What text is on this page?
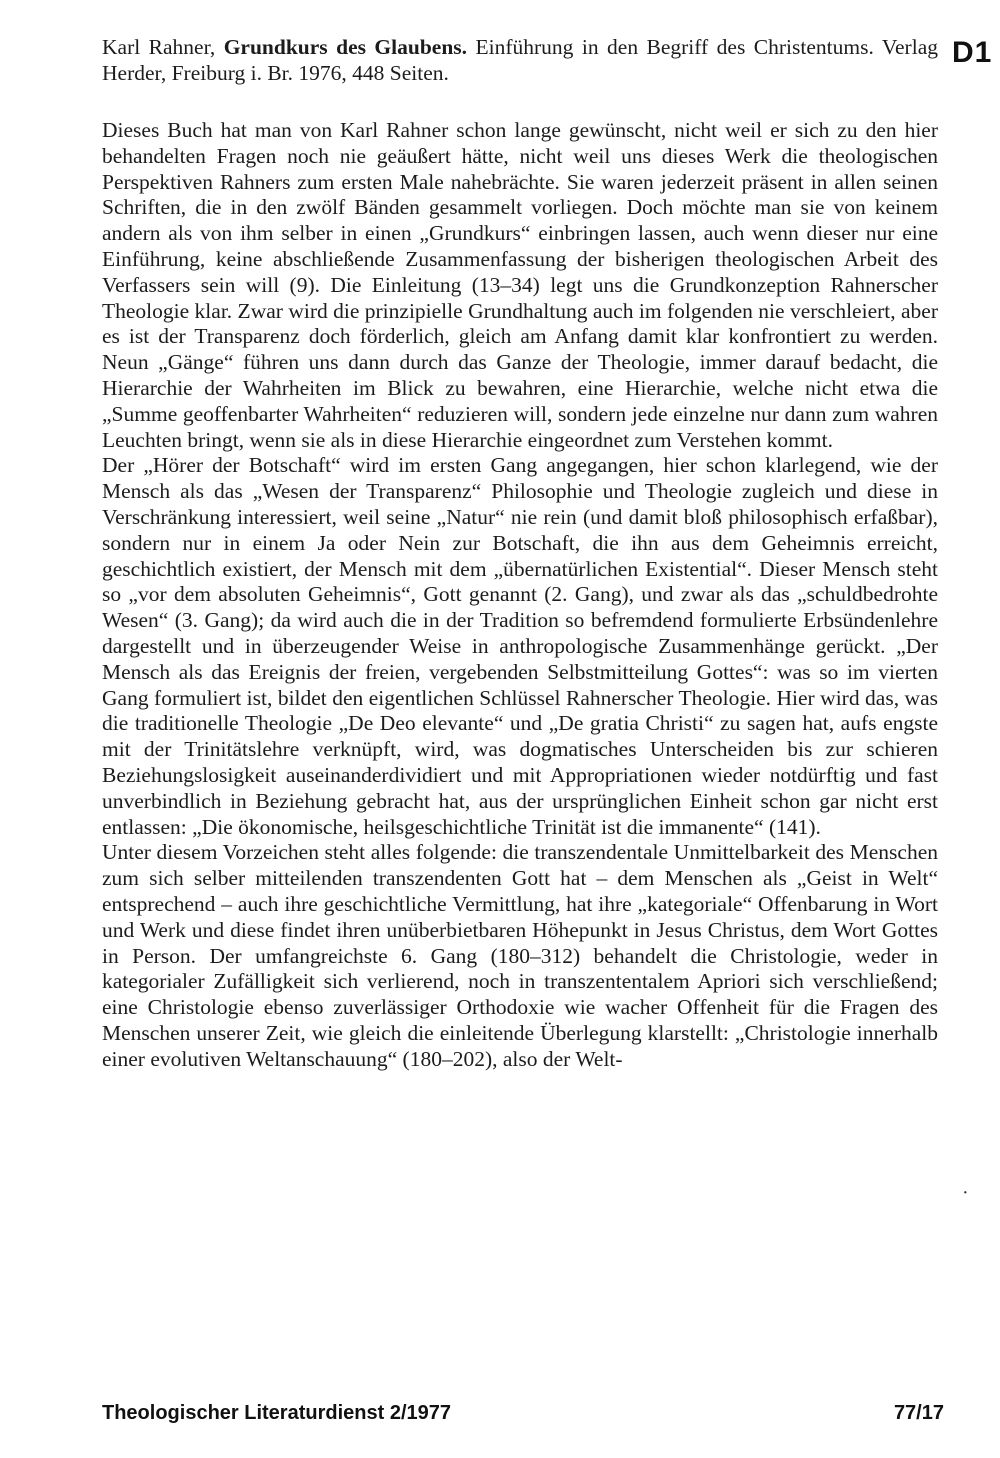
D1
Karl Rahner, Grundkurs des Glaubens. Einführung in den Begriff des Christentums. Verlag Herder, Freiburg i. Br. 1976, 448 Seiten.

Dieses Buch hat man von Karl Rahner schon lange gewünscht, nicht weil er sich zu den hier behandelten Fragen noch nie geäußert hätte, nicht weil uns dieses Werk die theologischen Perspektiven Rahners zum ersten Male nahebrächte. Sie waren jederzeit präsent in allen seinen Schriften, die in den zwölf Bänden gesammelt vorliegen. Doch möchte man sie von keinem andern als von ihm selber in einen „Grundkurs“ einbringen lassen, auch wenn dieser nur eine Einführung, keine abschließende Zusammenfassung der bisherigen theologischen Arbeit des Verfassers sein will (9). Die Einleitung (13–34) legt uns die Grundkonzeption Rahnerscher Theologie klar. Zwar wird die prinzipielle Grundhaltung auch im folgenden nie verschleiert, aber es ist der Transparenz doch förderlich, gleich am Anfang damit klar konfrontiert zu werden. Neun „Gänge“ führen uns dann durch das Ganze der Theologie, immer darauf bedacht, die Hierarchie der Wahrheiten im Blick zu bewahren, eine Hierarchie, welche nicht etwa die „Summe geoffenbarter Wahrheiten“ reduzieren will, sondern jede einzelne nur dann zum wahren Leuchten bringt, wenn sie als in diese Hierarchie eingeordnet zum Verstehen kommt.

Der „Hörer der Botschaft“ wird im ersten Gang angegangen, hier schon klarlegend, wie der Mensch als das „Wesen der Transparenz“ Philosophie und Theologie zugleich und diese in Verschränkung interessiert, weil seine „Natur“ nie rein (und damit bloß philosophisch erfaßbar), sondern nur in einem Ja oder Nein zur Botschaft, die ihn aus dem Geheimnis erreicht, geschichtlich existiert, der Mensch mit dem „übernatürlichen Existential“. Dieser Mensch steht so „vor dem absoluten Geheimnis“, Gott genannt (2. Gang), und zwar als das „schuldbedrohte Wesen“ (3. Gang); da wird auch die in der Tradition so befremdend formulierte Erbsündenlehre dargestellt und in überzeugender Weise in anthropologische Zusammenhänge gerückt. „Der Mensch als das Ereignis der freien, vergebenden Selbstmitteilung Gottes“: was so im vierten Gang formuliert ist, bildet den eigentlichen Schlüssel Rahnerscher Theologie. Hier wird das, was die traditionelle Theologie „De Deo elevante“ und „De gratia Christi“ zu sagen hat, aufs engste mit der Trinitätslehre verknüpft, wird, was dogmatisches Unterscheiden bis zur schieren Beziehungslosigkeit auseinanderdividiert und mit Appropriationen wieder notdürftig und fast unverbindlich in Beziehung gebracht hat, aus der ursprünglichen Einheit schon gar nicht erst entlassen: „Die ökonomische, heilsgeschichtliche Trinität ist die immanente“ (141).

Unter diesem Vorzeichen steht alles folgende: die transzendentale Unmittelbarkeit des Menschen zum sich selber mitteilenden transzendenten Gott hat – dem Menschen als „Geist in Welt“ entsprechend – auch ihre geschichtliche Vermittlung, hat ihre „kategoriale“ Offenbarung in Wort und Werk und diese findet ihren unüberbietbaren Höhepunkt in Jesus Christus, dem Wort Gottes in Person. Der umfangreichste 6. Gang (180–312) behandelt die Christologie, weder in kategorialer Zufälligkeit sich verlierend, noch in transzententalem Apriori sich verschließend; eine Christologie ebenso zuverlässiger Orthodoxie wie wacher Offenheit für die Fragen des Menschen unserer Zeit, wie gleich die einleitende Überlegung klarstellt: „Christologie innerhalb einer evolutiven Weltanschauung“ (180–202), also der Welt-

·
Theologischer Literaturdienst 2/1977	77/17
